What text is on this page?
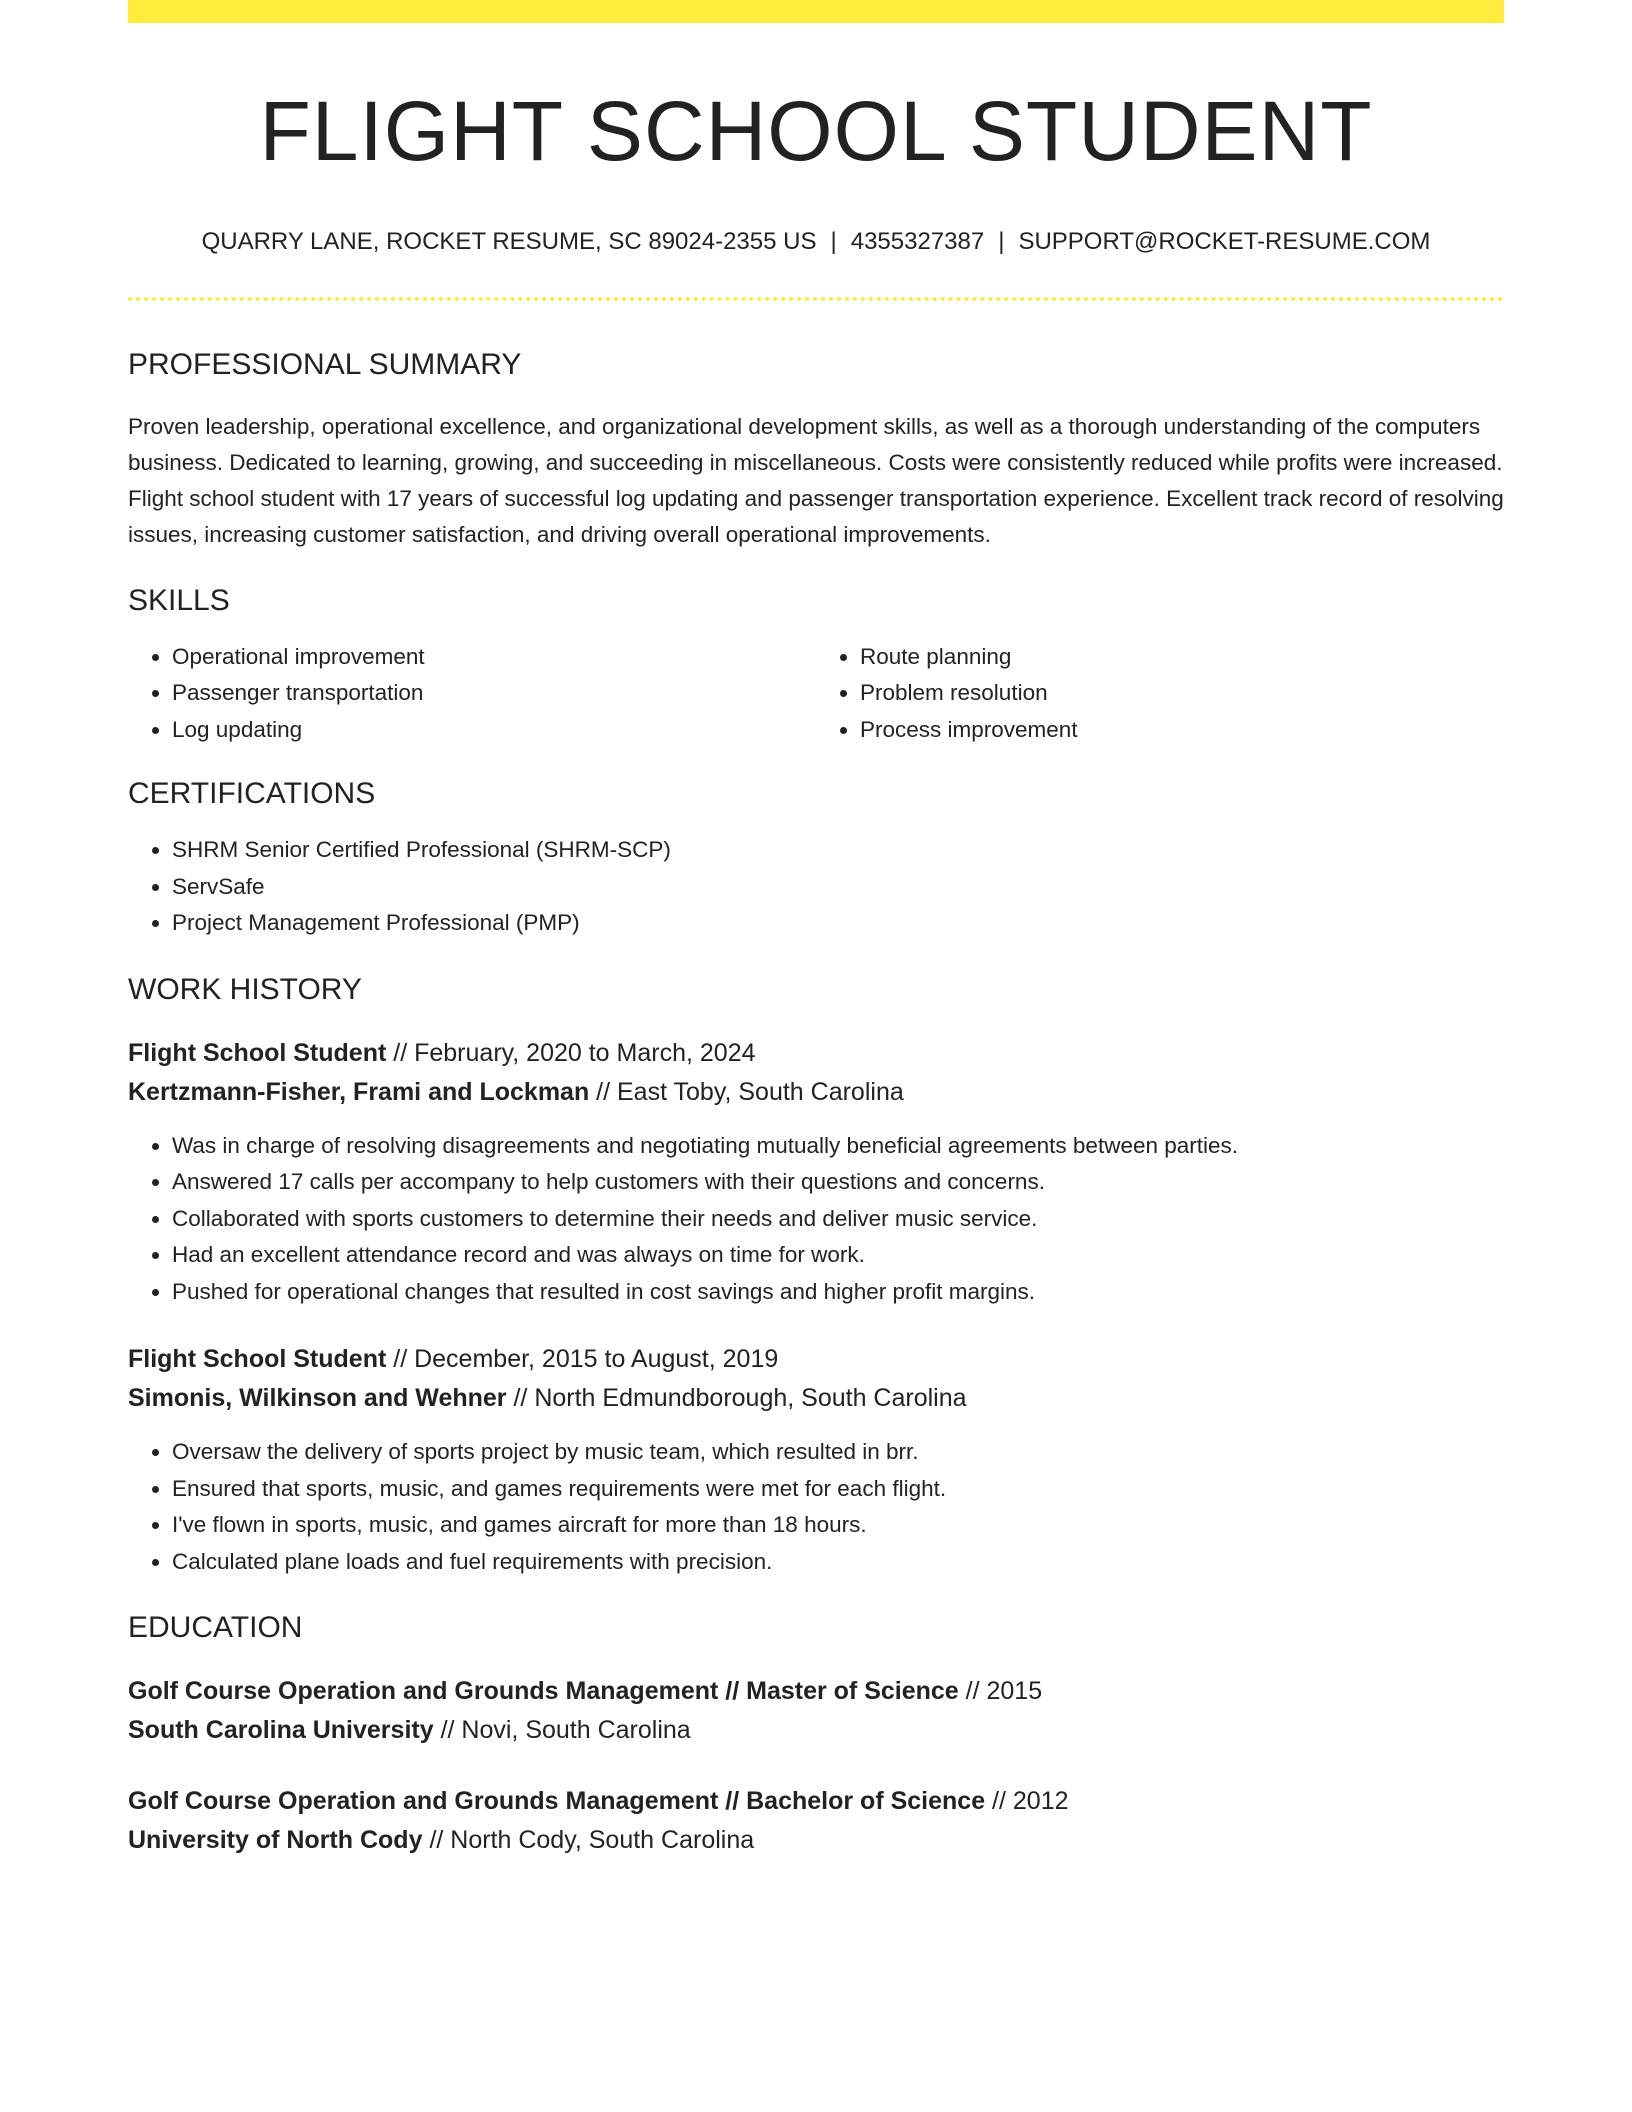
FLIGHT SCHOOL STUDENT
QUARRY LANE, ROCKET RESUME, SC 89024-2355 US | 4355327387 | SUPPORT@ROCKET-RESUME.COM
PROFESSIONAL SUMMARY

Proven leadership, operational excellence, and organizational development skills, as well as a thorough understanding of the computers business. Dedicated to learning, growing, and succeeding in miscellaneous. Costs were consistently reduced while profits were increased. Flight school student with 17 years of successful log updating and passenger transportation experience. Excellent track record of resolving issues, increasing customer satisfaction, and driving overall operational improvements.

SKILLS
• Operational improvement
• Passenger transportation
• Log updating
• Route planning
• Problem resolution
• Process improvement
CERTIFICATIONS
• SHRM Senior Certified Professional (SHRM-SCP)
• ServSafe
• Project Management Professional (PMP)
WORK HISTORY
Flight School Student // February, 2020 to March, 2024
Kertzmann-Fisher, Frami and Lockman // East Toby, South Carolina
• Was in charge of resolving disagreements and negotiating mutually beneficial agreements between parties.
• Answered 17 calls per accompany to help customers with their questions and concerns.
• Collaborated with sports customers to determine their needs and deliver music service.
• Had an excellent attendance record and was always on time for work.
• Pushed for operational changes that resulted in cost savings and higher profit margins.
Flight School Student // December, 2015 to August, 2019
Simonis, Wilkinson and Wehner // North Edmundborough, South Carolina
• Oversaw the delivery of sports project by music team, which resulted in brr.
• Ensured that sports, music, and games requirements were met for each flight.
• I've flown in sports, music, and games aircraft for more than 18 hours.
• Calculated plane loads and fuel requirements with precision.
EDUCATION
Golf Course Operation and Grounds Management // Master of Science // 2015
South Carolina University // Novi, South Carolina
Golf Course Operation and Grounds Management // Bachelor of Science // 2012
University of North Cody // North Cody, South Carolina
